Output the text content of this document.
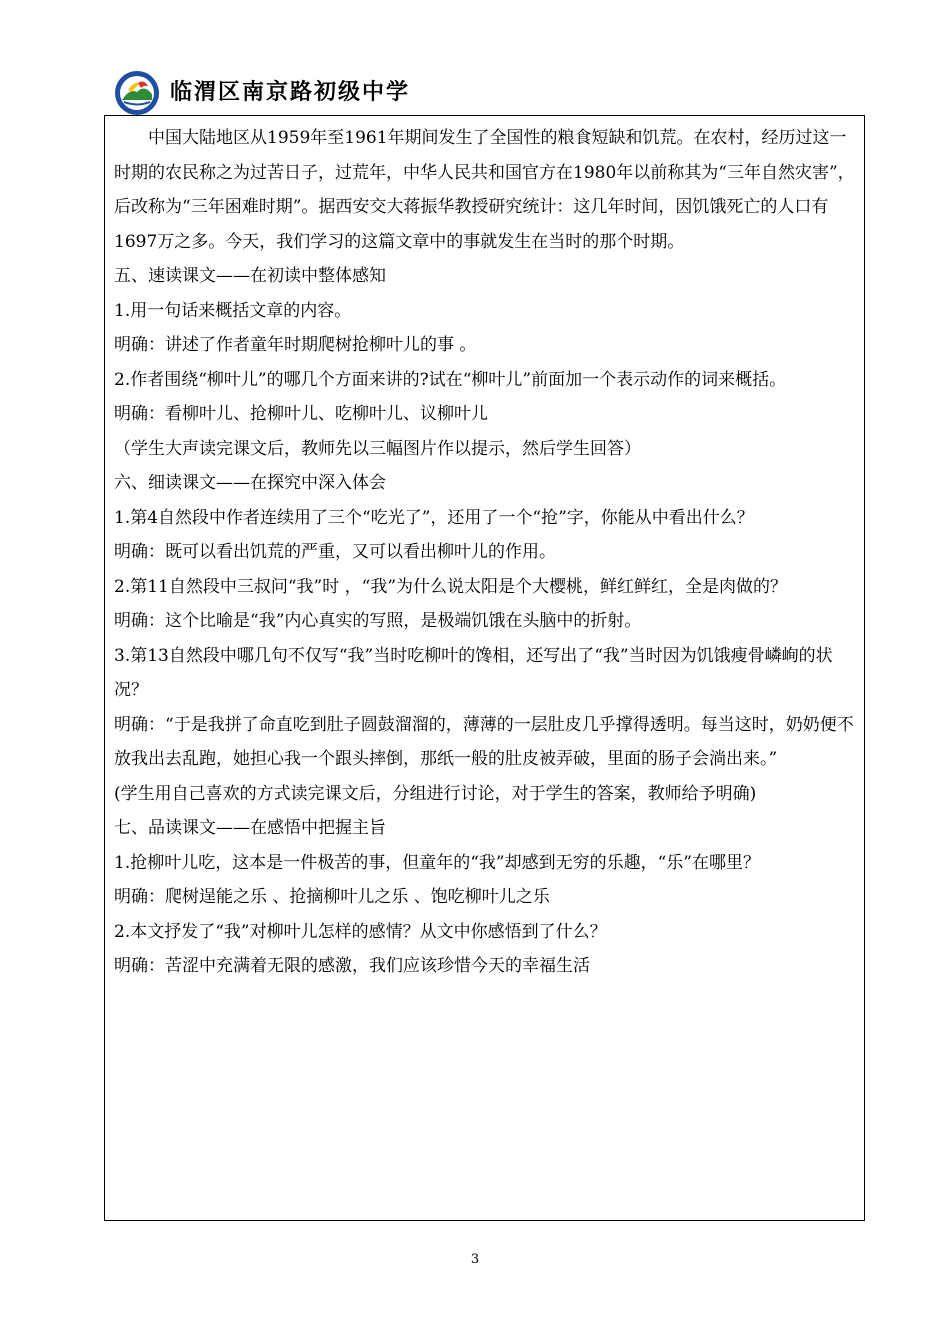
临渭区南京路初级中学

中国大陆地区从1959年至1961年期间发生了全国性的粮食短缺和饥荒。在农村，经历过这一时期的农民称之为过苦日子，过荒年，中华人民共和国官方在1980年以前称其为“三年自然灾害”，后改称为“三年困难时期”。据西安交大蒋振华教授研究统计：这几年时间，因饥饿死亡的人口有1697万之多。今天，我们学习的这篇文章中的事就发生在当时的那个时期。

五、速读课文——在初读中整体感知

1.用一句话来概括文章的内容。

明确：讲述了作者童年时期爬树抢柳叶儿的事 。

2.作者围绕“柳叶儿”的哪几个方面来讲的?试在“柳叶儿”前面加一个表示动作的词来概括。

明确：看柳叶儿、抢柳叶儿、吃柳叶儿、议柳叶儿

（学生大声读完课文后，教师先以三幅图片作以提示，然后学生回答）

六、细读课文——在探究中深入体会

1.第4自然段中作者连续用了三个“吃光了”，还用了一个“抢”字，你能从中看出什么？

明确：既可以看出饥荒的严重，又可以看出柳叶儿的作用。

2.第11自然段中三叔问“我”时 ，“我”为什么说太阳是个大樱桃，鲜红鲜红，全是肉做的？

明确：这个比喻是“我”内心真实的写照，是极端饥饿在头脑中的折射。

3.第13自然段中哪几句不仅写“我”当时吃柳叶的馋相，还写出了“我”当时因为饥饿瘦骨嶙峋的状况？

明确：“于是我拼了命直吃到肚子圆鼓溜溜的，薄薄的一层肚皮几乎撑得透明。每当这时，奶奶便不放我出去乱跑，她担心我一个跟头摔倒，那纸一般的肚皮被弄破，里面的肠子会淌出来。”

(学生用自己喜欢的方式读完课文后，分组进行讨论，对于学生的答案，教师给予明确)

七、品读课文——在感悟中把握主旨

1.抢柳叶儿吃，这本是一件极苦的事，但童年的“我”却感到无穷的乐趣，“乐”在哪里？

明确：爬树逞能之乐 、抢摘柳叶儿之乐 、饱吃柳叶儿之乐

2.本文抒发了“我”对柳叶儿怎样的感情？从文中你感悟到了什么？

明确：苦涩中充满着无限的感激，我们应该珍惜今天的幸福生活

3
